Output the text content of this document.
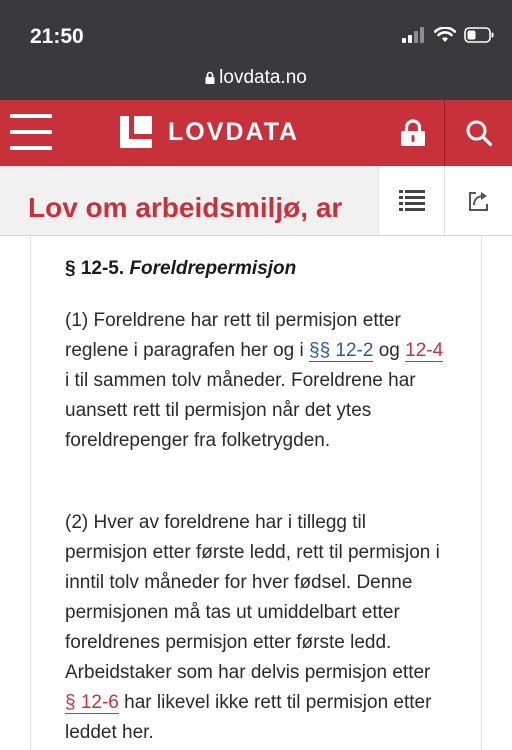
21:50
lovdata.no
LOVDATA
Lov om arbeidsmiljø, ar
§ 12-5. Foreldrepermisjon
(1) Foreldrene har rett til permisjon etter reglene i paragrafen her og i §§ 12-2 og 12-4 i til sammen tolv måneder. Foreldrene har uansett rett til permisjon når det ytes foreldrepenger fra folketrygden.
(2) Hver av foreldrene har i tillegg til permisjon etter første ledd, rett til permisjon i inntil tolv måneder for hver fødsel. Denne permisjonen må tas ut umiddelbart etter foreldrenes permisjon etter første ledd. Arbeidstaker som har delvis permisjon etter § 12-6 har likevel ikke rett til permisjon etter leddet her.
